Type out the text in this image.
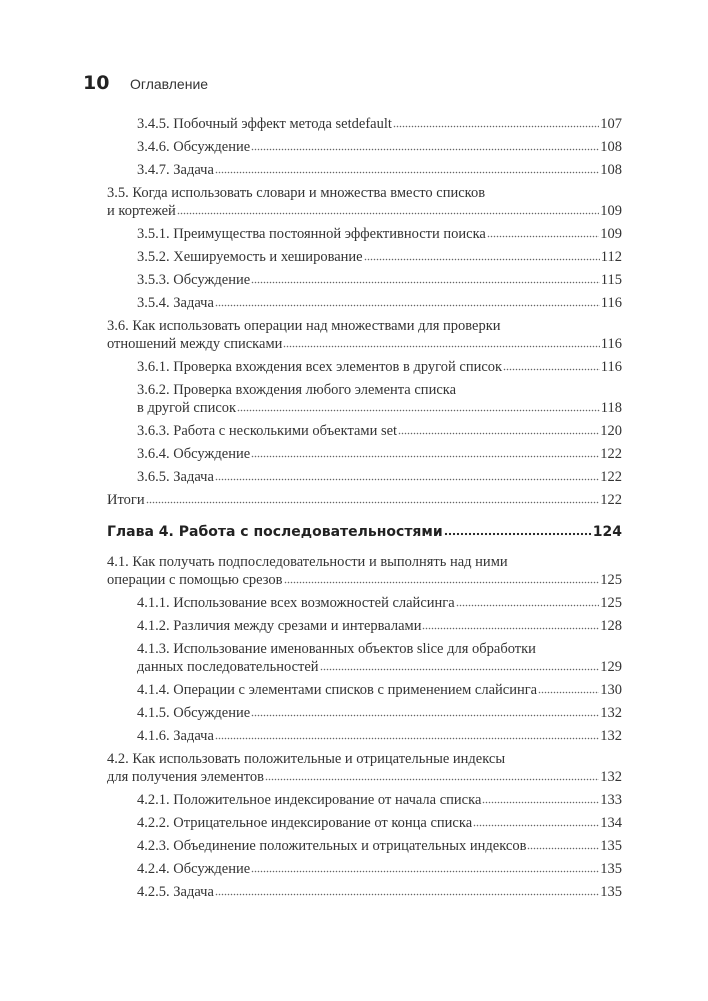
10	Оглавление
3.4.5. Побочный эффект метода setdefault	107
3.4.6. Обсуждение	108
3.4.7. Задача	108
3.5. Когда использовать словари и множества вместо списков
и кортежей	109
3.5.1. Преимущества постоянной эффективности поиска	109
3.5.2. Хешируемость и хеширование	112
3.5.3. Обсуждение	115
3.5.4. Задача	116
3.6. Как использовать операции над множествами для проверки
отношений между списками	116
3.6.1. Проверка вхождения всех элементов в другой список	116
3.6.2. Проверка вхождения любого элемента списка
в другой список	118
3.6.3. Работа с несколькими объектами set	120
3.6.4. Обсуждение	122
3.6.5. Задача	122
Итоги	122
Глава 4. Работа с последовательностями	124
4.1. Как получать подпоследовательности и выполнять над ними
операции с помощью срезов	125
4.1.1. Использование всех возможностей слайсинга	125
4.1.2. Различия между срезами и интервалами	128
4.1.3. Использование именованных объектов slice для обработки
данных последовательностей	129
4.1.4. Операции с элементами списков с применением слайсинга	130
4.1.5. Обсуждение	132
4.1.6. Задача	132
4.2. Как использовать положительные и отрицательные индексы
для получения элементов	132
4.2.1. Положительное индексирование от начала списка	133
4.2.2. Отрицательное индексирование от конца списка	134
4.2.3. Объединение положительных и отрицательных индексов	135
4.2.4. Обсуждение	135
4.2.5. Задача	135
